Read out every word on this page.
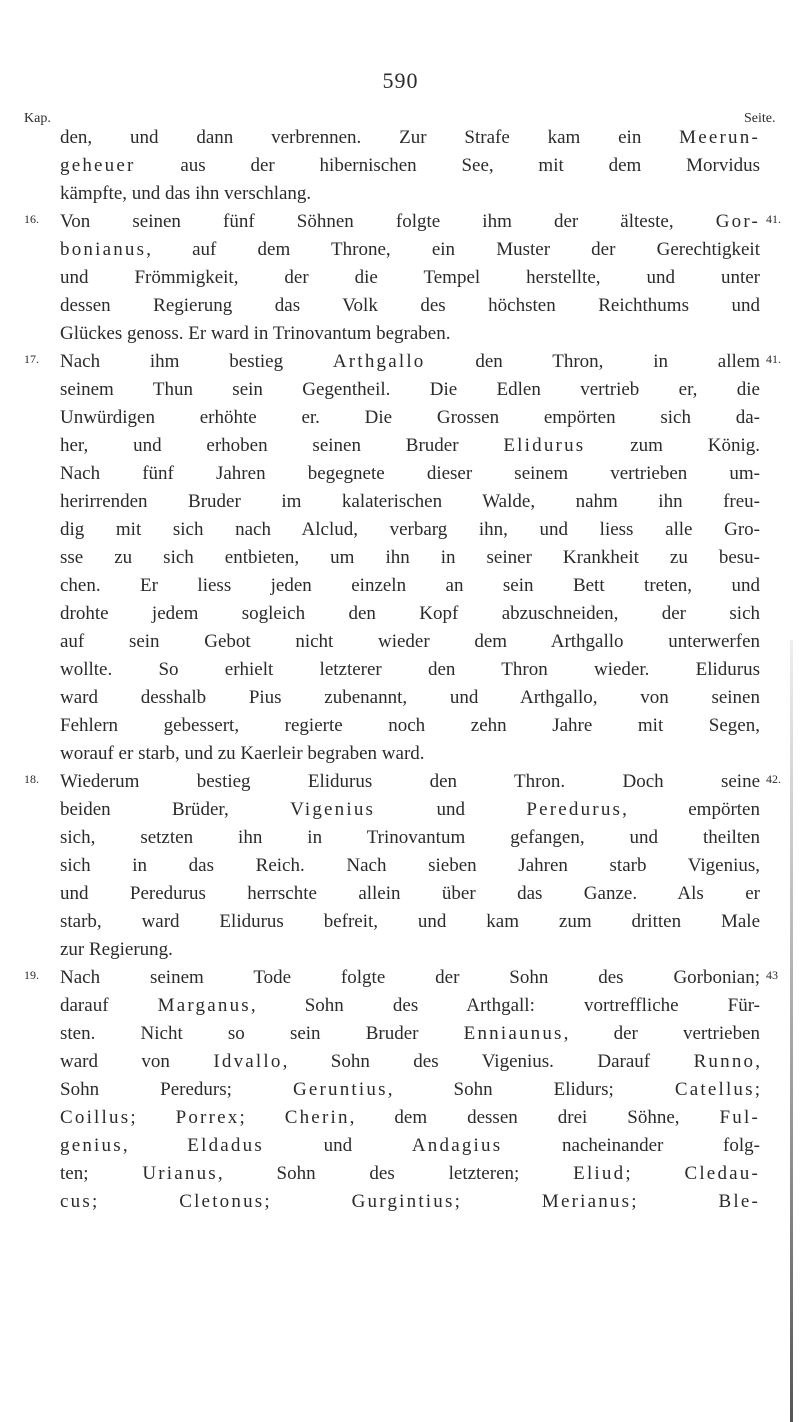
590
Kap.	Seite.
den, und dann verbrennen. Zur Strafe kam ein Meerun-
geheuer aus der hibernischen See, mit dem Morvidus
kämpfte, und das ihn verschlang.
16. Von seinen fünf Söhnen folgte ihm der älteste, Gor- 41.
bonianus, auf dem Throne, ein Muster der Gerechtigkeit
und Frömmigkeit, der die Tempel herstellte, und unter
dessen Regierung das Volk des höchsten Reichthums und
Glückes genoss. Er ward in Trinovantum begraben.
17. Nach ihm bestieg Arthgallo den Thron, in allem 41.
seinem Thun sein Gegentheil. Die Edlen vertrieb er, die
Unwürdigen erhöhte er. Die Grossen empörten sich da-
her, und erhoben seinen Bruder Elidurus zum König.
Nach fünf Jahren begegnete dieser seinem vertrieben um-
herirrenden Bruder im kalaterischen Walde, nahm ihn freu-
dig mit sich nach Alclud, verbarg ihn, und liess alle Gro-
sse zu sich entbieten, um ihn in seiner Krankheit zu besu-
chen. Er liess jeden einzeln an sein Bett treten, und
drohte jedem sogleich den Kopf abzuschneiden, der sich
auf sein Gebot nicht wieder dem Arthgallo unterwerfen
wollte. So erhielt letzterer den Thron wieder. Elidurus
ward desshalb Pius zubenannt, und Arthgallo, von seinen
Fehlern gebessert, regierte noch zehn Jahre mit Segen,
worauf er starb, und zu Kaerleir begraben ward.
18. Wiederum bestieg Elidurus den Thron. Doch seine 42.
beiden Brüder, Vigenius und Peredurus, empörten
sich, setzten ihn in Trinovantum gefangen, und theilten
sich in das Reich. Nach sieben Jahren starb Vigenius,
und Peredurus herrschte allein über das Ganze. Als er
starb, ward Elidurus befreit, und kam zum dritten Male
zur Regierung.
19. Nach seinem Tode folgte der Sohn des Gorbonian; 43
darauf Marganus, Sohn des Arthgall: vortreffliche Für-
sten. Nicht so sein Bruder Enniaunus, der vertrieben
ward von Idvallo, Sohn des Vigenius. Darauf Runno,
Sohn Peredurs; Geruntius, Sohn Elidurs; Catellus;
Coillus; Porrex; Cherin, dem dessen drei Söhne, Ful-
genius, Eldadus und Andagius nacheinander folg-
ten; Urianus, Sohn des letzteren; Eliud; Cledau-
cus; Cletonus; Gurgintius; Merianus; Ble-
